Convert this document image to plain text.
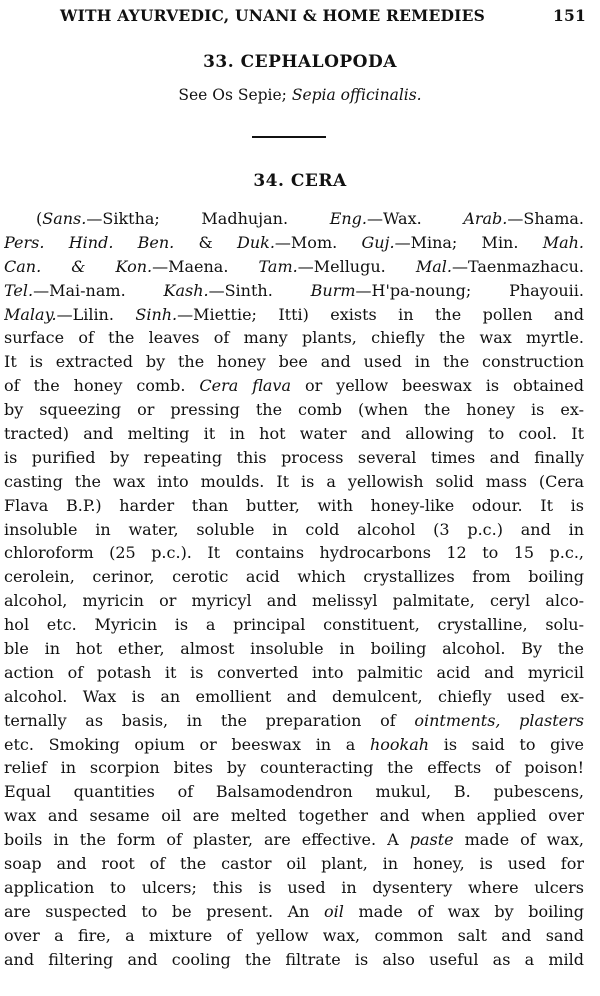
WITH AYURVEDIC, UNANI & HOME REMEDIES	151

33. CEPHALOPODA

See Os Sepie; Sepia officinalis.

34. CERA

(Sans.—Siktha; Madhujan. Eng.—Wax. Arab.—Shama.
Pers. Hind. Ben. & Duk.—Mom. Guj.—Mina; Min. Mah.
Can. & Kon.—Maena. Tam.—Mellugu. Mal.—Taenmazhacu.
Tel.—Mai-nam. Kash.—Sinth. Burm—H'pa-noung; Phayouii.
Malay.—Lilin. Sinh.—Miettie; Itti) exists in the pollen and
surface of the leaves of many plants, chiefly the wax myrtle.
It is extracted by the honey bee and used in the construction
of the honey comb. Cera flava or yellow beeswax is obtained
by squeezing or pressing the comb (when the honey is ex-
tracted) and melting it in hot water and allowing to cool. It
is purified by repeating this process several times and finally
casting the wax into moulds. It is a yellowish solid mass (Cera
Flava B.P.) harder than butter, with honey-like odour. It is
insoluble in water, soluble in cold alcohol (3 p.c.) and in
chloroform (25 p.c.). It contains hydrocarbons 12 to 15 p.c.,
cerolein, cerinor, cerotic acid which crystallizes from boiling
alcohol, myricin or myricyl and melissyl palmitate, ceryl alco-
hol etc. Myricin is a principal constituent, crystalline, solu-
ble in hot ether, almost insoluble in boiling alcohol. By the
action of potash it is converted into palmitic acid and myricil
alcohol. Wax is an emollient and demulcent, chiefly used ex-
ternally as basis, in the preparation of ointments, plasters
etc. Smoking opium or beeswax in a hookah is said to give
relief in scorpion bites by counteracting the effects of poison!
Equal quantities of Balsamodendron mukul, B. pubescens,
wax and sesame oil are melted together and when applied over
boils in the form of plaster, are effective. A paste made of wax,
soap and root of the castor oil plant, in honey, is used for
application to ulcers; this is used in dysentery where ulcers
are suspected to be present. An oil made of wax by boiling
over a fire, a mixture of yellow wax, common salt and sand
and filtering and cooling the filtrate is also useful as a mild
